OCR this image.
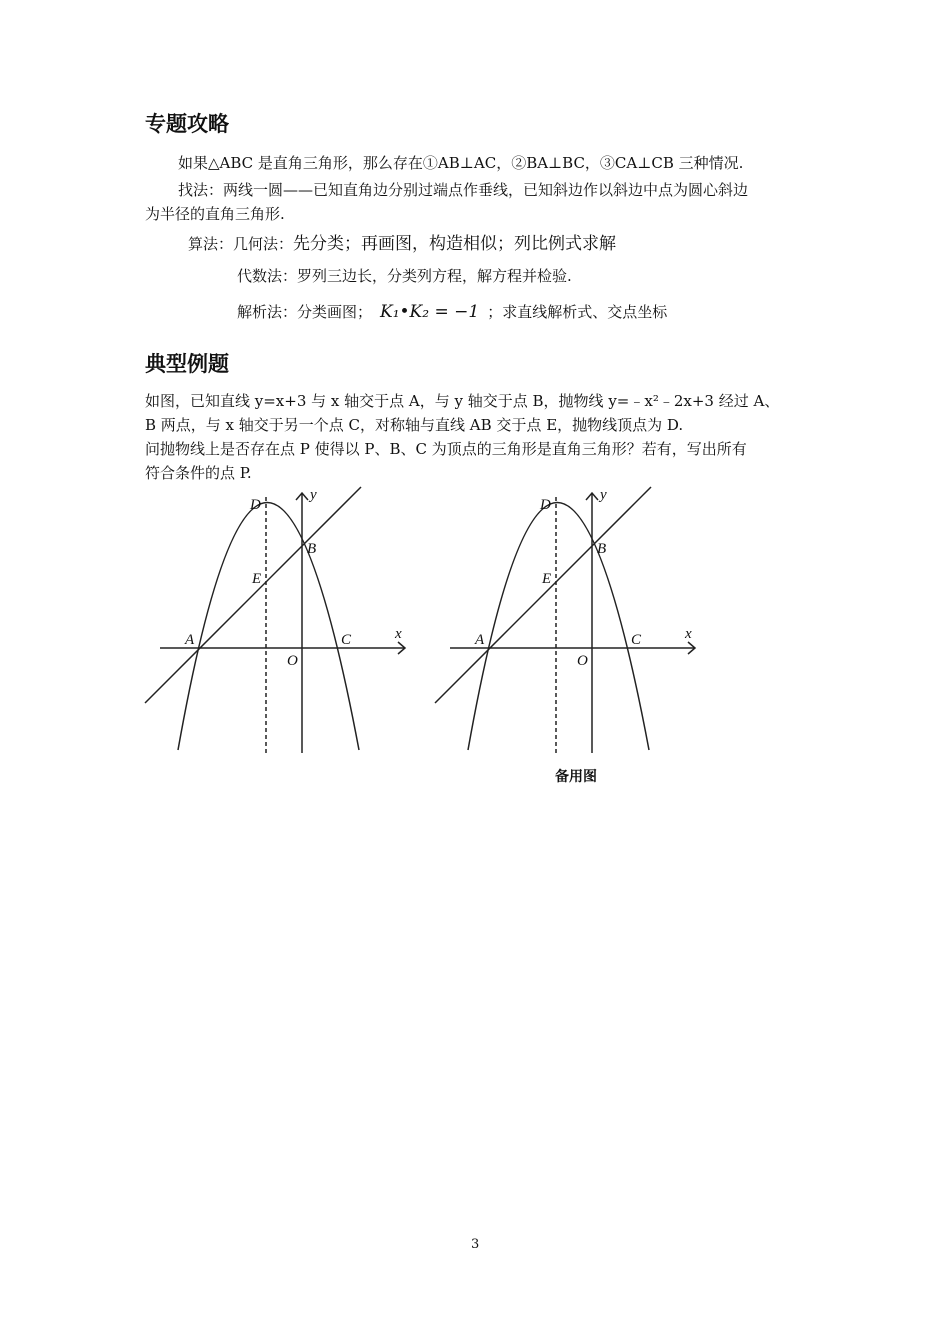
专题攻略
如果△ABC 是直角三角形，那么存在①AB⊥AC，②BA⊥BC，③CA⊥CB 三种情况.
找法：两线一圆——已知直角边分别过端点作垂线，已知斜边作以斜边中点为圆心斜边
为半径的直角三角形.
算法：几何法：先分类；再画图，构造相似；列比例式求解
代数法：罗列三边长，分类列方程，解方程并检验.
解析法：分类画图； K₁•K₂ = −1 ；求直线解析式、交点坐标
典型例题
如图，已知直线 y=x+3 与 x 轴交于点 A，与 y 轴交于点 B，抛物线 y=﹣x²﹣2x+3 经过 A、
B 两点，与 x 轴交于另一个点 C，对称轴与直线 AB 交于点 E，抛物线顶点为 D.
问抛物线上是否存在点 P 使得以 P、B、C 为顶点的三角形是直角三角形？若有，写出所有
符合条件的点 P.
D
B
E
A	C
O
x
y
D
B
E
A	C
O
x
y
备用图
3
